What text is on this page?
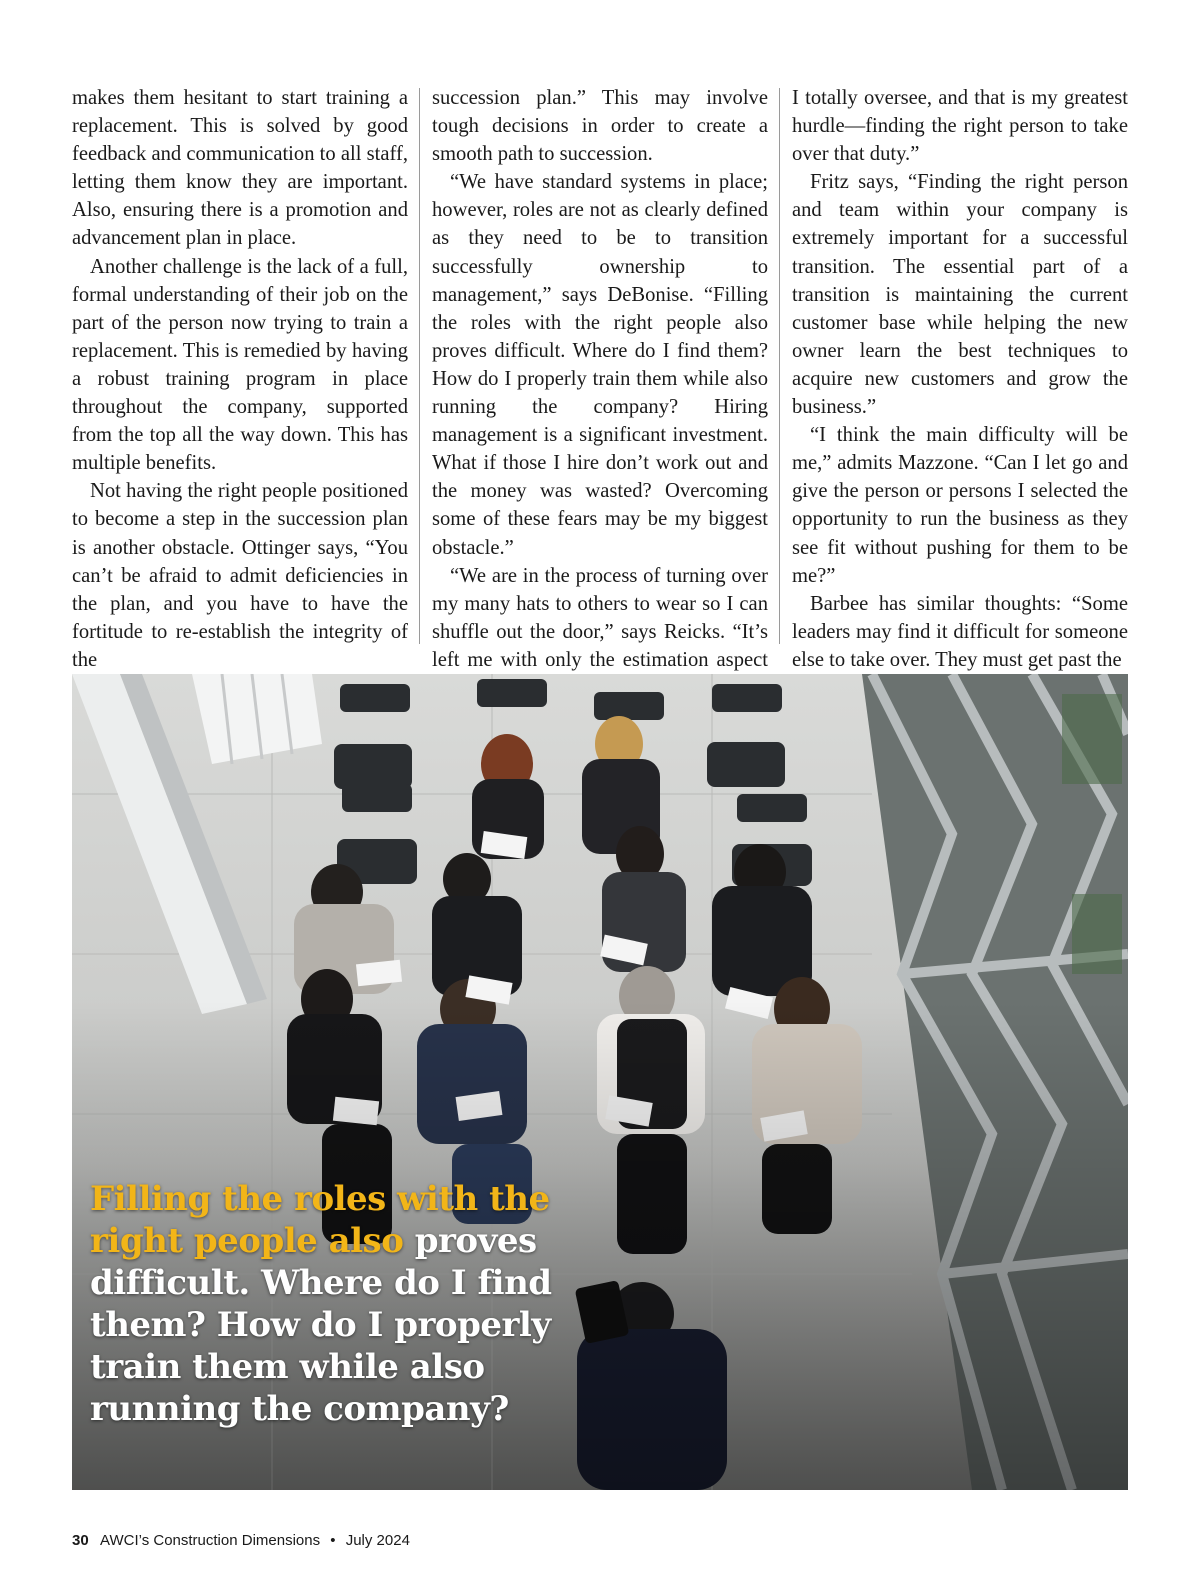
makes them hesitant to start training a replacement. This is solved by good feedback and communication to all staff, letting them know they are important. Also, ensuring there is a promotion and advancement plan in place.

Another challenge is the lack of a full, formal understanding of their job on the part of the person now trying to train a replacement. This is remedied by having a robust training program in place throughout the company, supported from the top all the way down. This has multiple benefits.

Not having the right people positioned to become a step in the succession plan is another obstacle. Ottinger says, “You can’t be afraid to admit deficiencies in the plan, and you have to have the fortitude to re-establish the integrity of the

succession plan.” This may involve tough decisions in order to create a smooth path to succession.

“We have standard systems in place; however, roles are not as clearly defined as they need to be to transition successfully ownership to management,” says DeBonise. “Filling the roles with the right people also proves difficult. Where do I find them? How do I properly train them while also running the company? Hiring management is a significant investment. What if those I hire don’t work out and the money was wasted? Overcoming some of these fears may be my biggest obstacle.”

“We are in the process of turning over my many hats to others to wear so I can shuffle out the door,” says Reicks. “It’s left me with only the estimation aspect

I totally oversee, and that is my greatest hurdle—finding the right person to take over that duty.”

Fritz says, “Finding the right person and team within your company is extremely important for a successful transition. The essential part of a transition is maintaining the current customer base while helping the new owner learn the best techniques to acquire new customers and grow the business.”

“I think the main difficulty will be me,” admits Mazzone. “Can I let go and give the person or persons I selected the opportunity to run the business as they see fit without pushing for them to be me?”

Barbee has similar thoughts: “Some leaders may find it difficult for someone else to take over. They must get past the

Filling the roles with the right people also proves difficult. Where do I find them? How do I properly train them while also running the company?
30 AWCI’s Construction Dimensions • July 2024
